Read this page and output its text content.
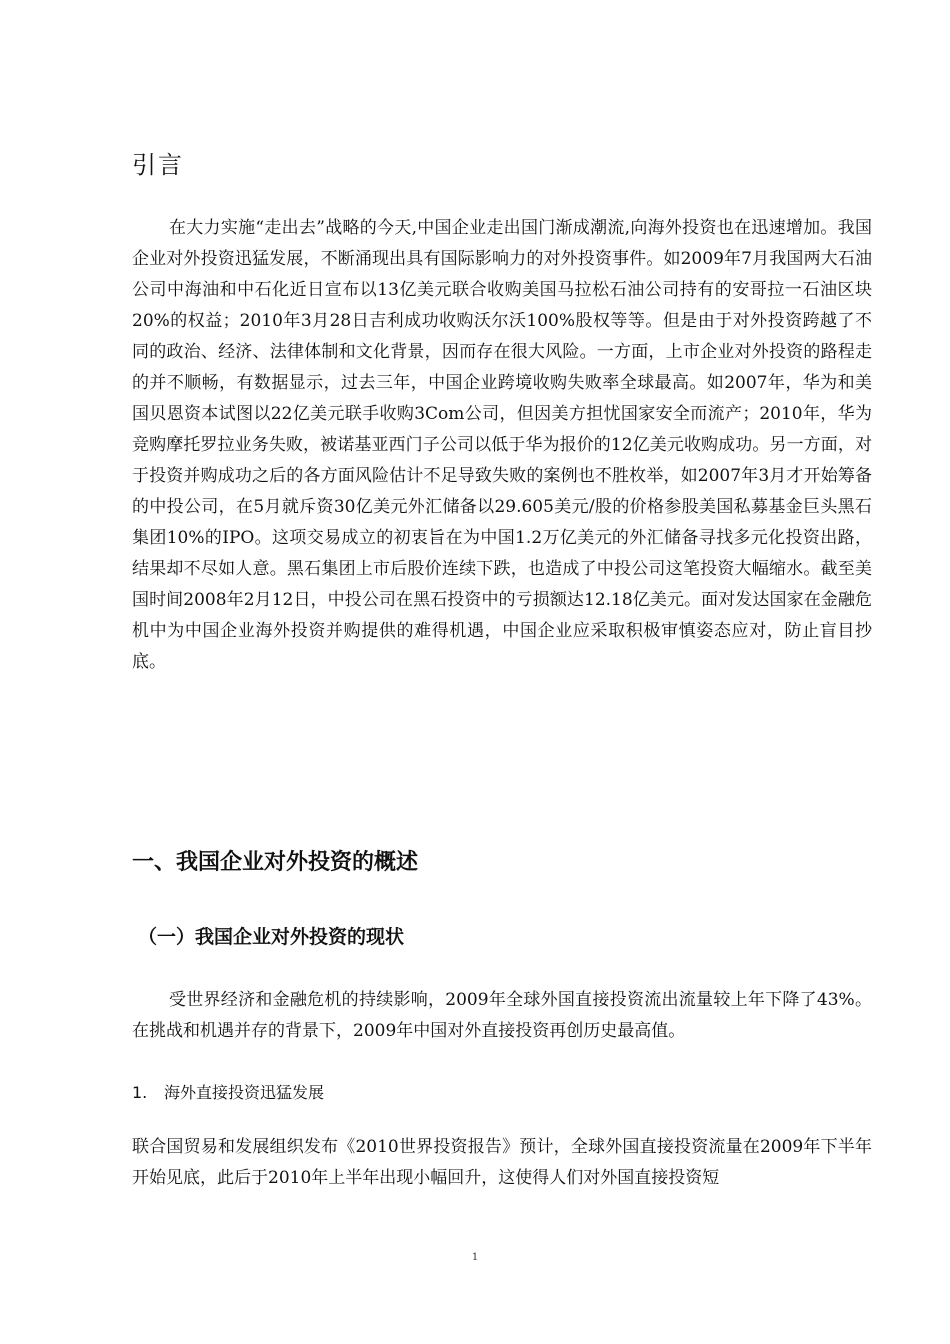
引言

在大力实施“走出去”战略的今天,中国企业走出国门渐成潮流,向海外投资也在迅速增加。我国企业对外投资迅猛发展，不断涌现出具有国际影响力的对外投资事件。如2009年7月我国两大石油公司中海油和中石化近日宣布以13亿美元联合收购美国马拉松石油公司持有的安哥拉一石油区块20%的权益；2010年3月28日吉利成功收购沃尔沃100%股权等等。但是由于对外投资跨越了不同的政治、经济、法律体制和文化背景，因而存在很大风险。一方面，上市企业对外投资的路程走的并不顺畅，有数据显示，过去三年，中国企业跨境收购失败率全球最高。如2007年，华为和美国贝恩资本试图以22亿美元联手收购3Com公司，但因美方担忧国家安全而流产；2010年，华为竞购摩托罗拉业务失败，被诺基亚西门子公司以低于华为报价的12亿美元收购成功。另一方面，对于投资并购成功之后的各方面风险估计不足导致失败的案例也不胜枚举，如2007年3月才开始筹备的中投公司，在5月就斥资30亿美元外汇储备以29.605美元/股的价格参股美国私募基金巨头黑石集团10%的IPO。这项交易成立的初衷旨在为中国1.2万亿美元的外汇储备寻找多元化投资出路，结果却不尽如人意。黑石集团上市后股价连续下跌，也造成了中投公司这笔投资大幅缩水。截至美国时间2008年2月12日，中投公司在黑石投资中的亏损额达12.18亿美元。面对发达国家在金融危机中为中国企业海外投资并购提供的难得机遇，中国企业应采取积极审慎姿态应对，防止盲目抄底。

一、我国企业对外投资的概述
（一）我国企业对外投资的现状

受世界经济和金融危机的持续影响，2009年全球外国直接投资流出流量较上年下降了43%。在挑战和机遇并存的背景下，2009年中国对外直接投资再创历史最高值。

1. 海外直接投资迅猛发展

联合国贸易和发展组织发布《2010世界投资报告》预计，全球外国直接投资流量在2009年下半年开始见底，此后于2010年上半年出现小幅回升，这使得人们对外国直接投资短

1
